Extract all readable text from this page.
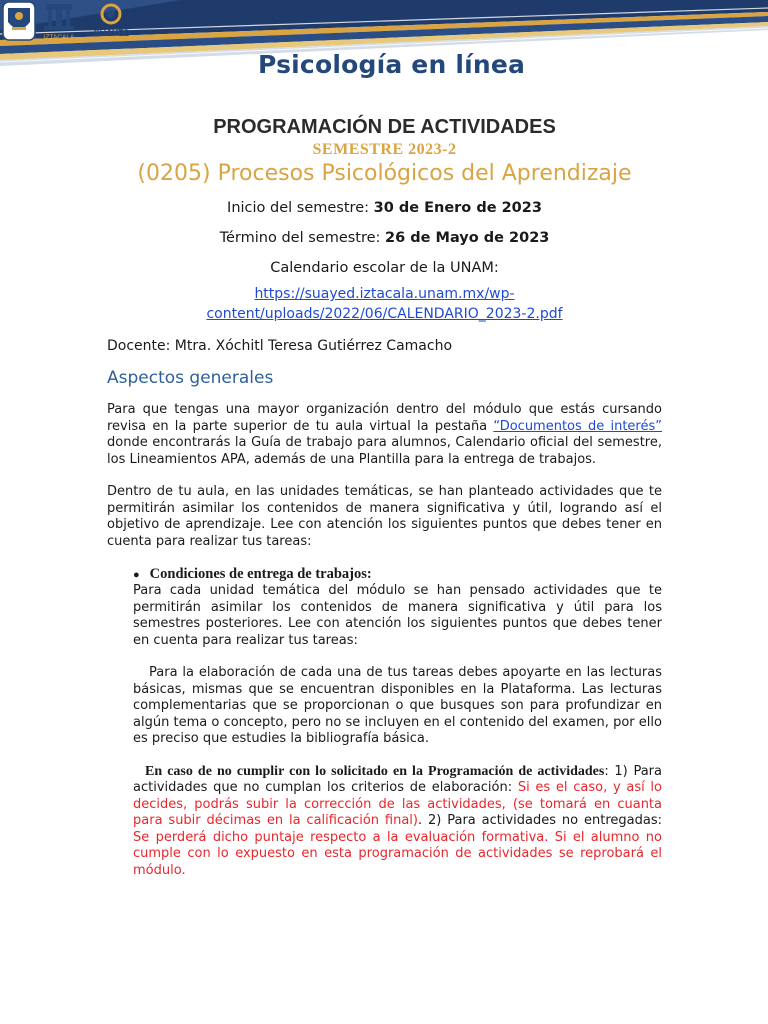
Psicología en línea
IZTACALA SUAYED
PROGRAMACIÓN DE ACTIVIDADES
SEMESTRE 2023-2
(0205) Procesos Psicológicos del Aprendizaje
Inicio del semestre: 30 de Enero de 2023
Término del semestre: 26 de Mayo de 2023
Calendario escolar de la UNAM:
https://suayed.iztacala.unam.mx/wp-
content/uploads/2022/06/CALENDARIO_2023-2.pdf
Docente: Mtra. Xóchitl Teresa Gutiérrez Camacho
Aspectos generales
Para que tengas una mayor organización dentro del módulo que estás cursando revisa en la parte superior de tu aula virtual la pestaña “Documentos de interés” donde encontrarás la Guía de trabajo para alumnos, Calendario oficial del semestre, los Lineamientos APA, además de una Plantilla para la entrega de trabajos.
Dentro de tu aula, en las unidades temáticas, se han planteado actividades que te permitirán asimilar los contenidos de manera significativa y útil, logrando así el objetivo de aprendizaje. Lee con atención los siguientes puntos que debes tener en cuenta para realizar tus tareas:
● Condiciones de entrega de trabajos:
Para cada unidad temática del módulo se han pensado actividades que te permitirán asimilar los contenidos de manera significativa y útil para los semestres posteriores. Lee con atención los siguientes puntos que debes tener en cuenta para realizar tus tareas:
Para la elaboración de cada una de tus tareas debes apoyarte en las lecturas básicas, mismas que se encuentran disponibles en la Plataforma. Las lecturas complementarias que se proporcionan o que busques son para profundizar en algún tema o concepto, pero no se incluyen en el contenido del examen, por ello es preciso que estudies la bibliografía básica.
En caso de no cumplir con lo solicitado en la Programación de actividades: 1) Para actividades que no cumplan los criterios de elaboración: Si es el caso, y así lo decides, podrás subir la corrección de las actividades, (se tomará en cuanta para subir décimas en la calificación final). 2) Para actividades no entregadas: Se perderá dicho puntaje respecto a la evaluación formativa. Si el alumno no cumple con lo expuesto en esta programación de actividades se reprobará el módulo.
